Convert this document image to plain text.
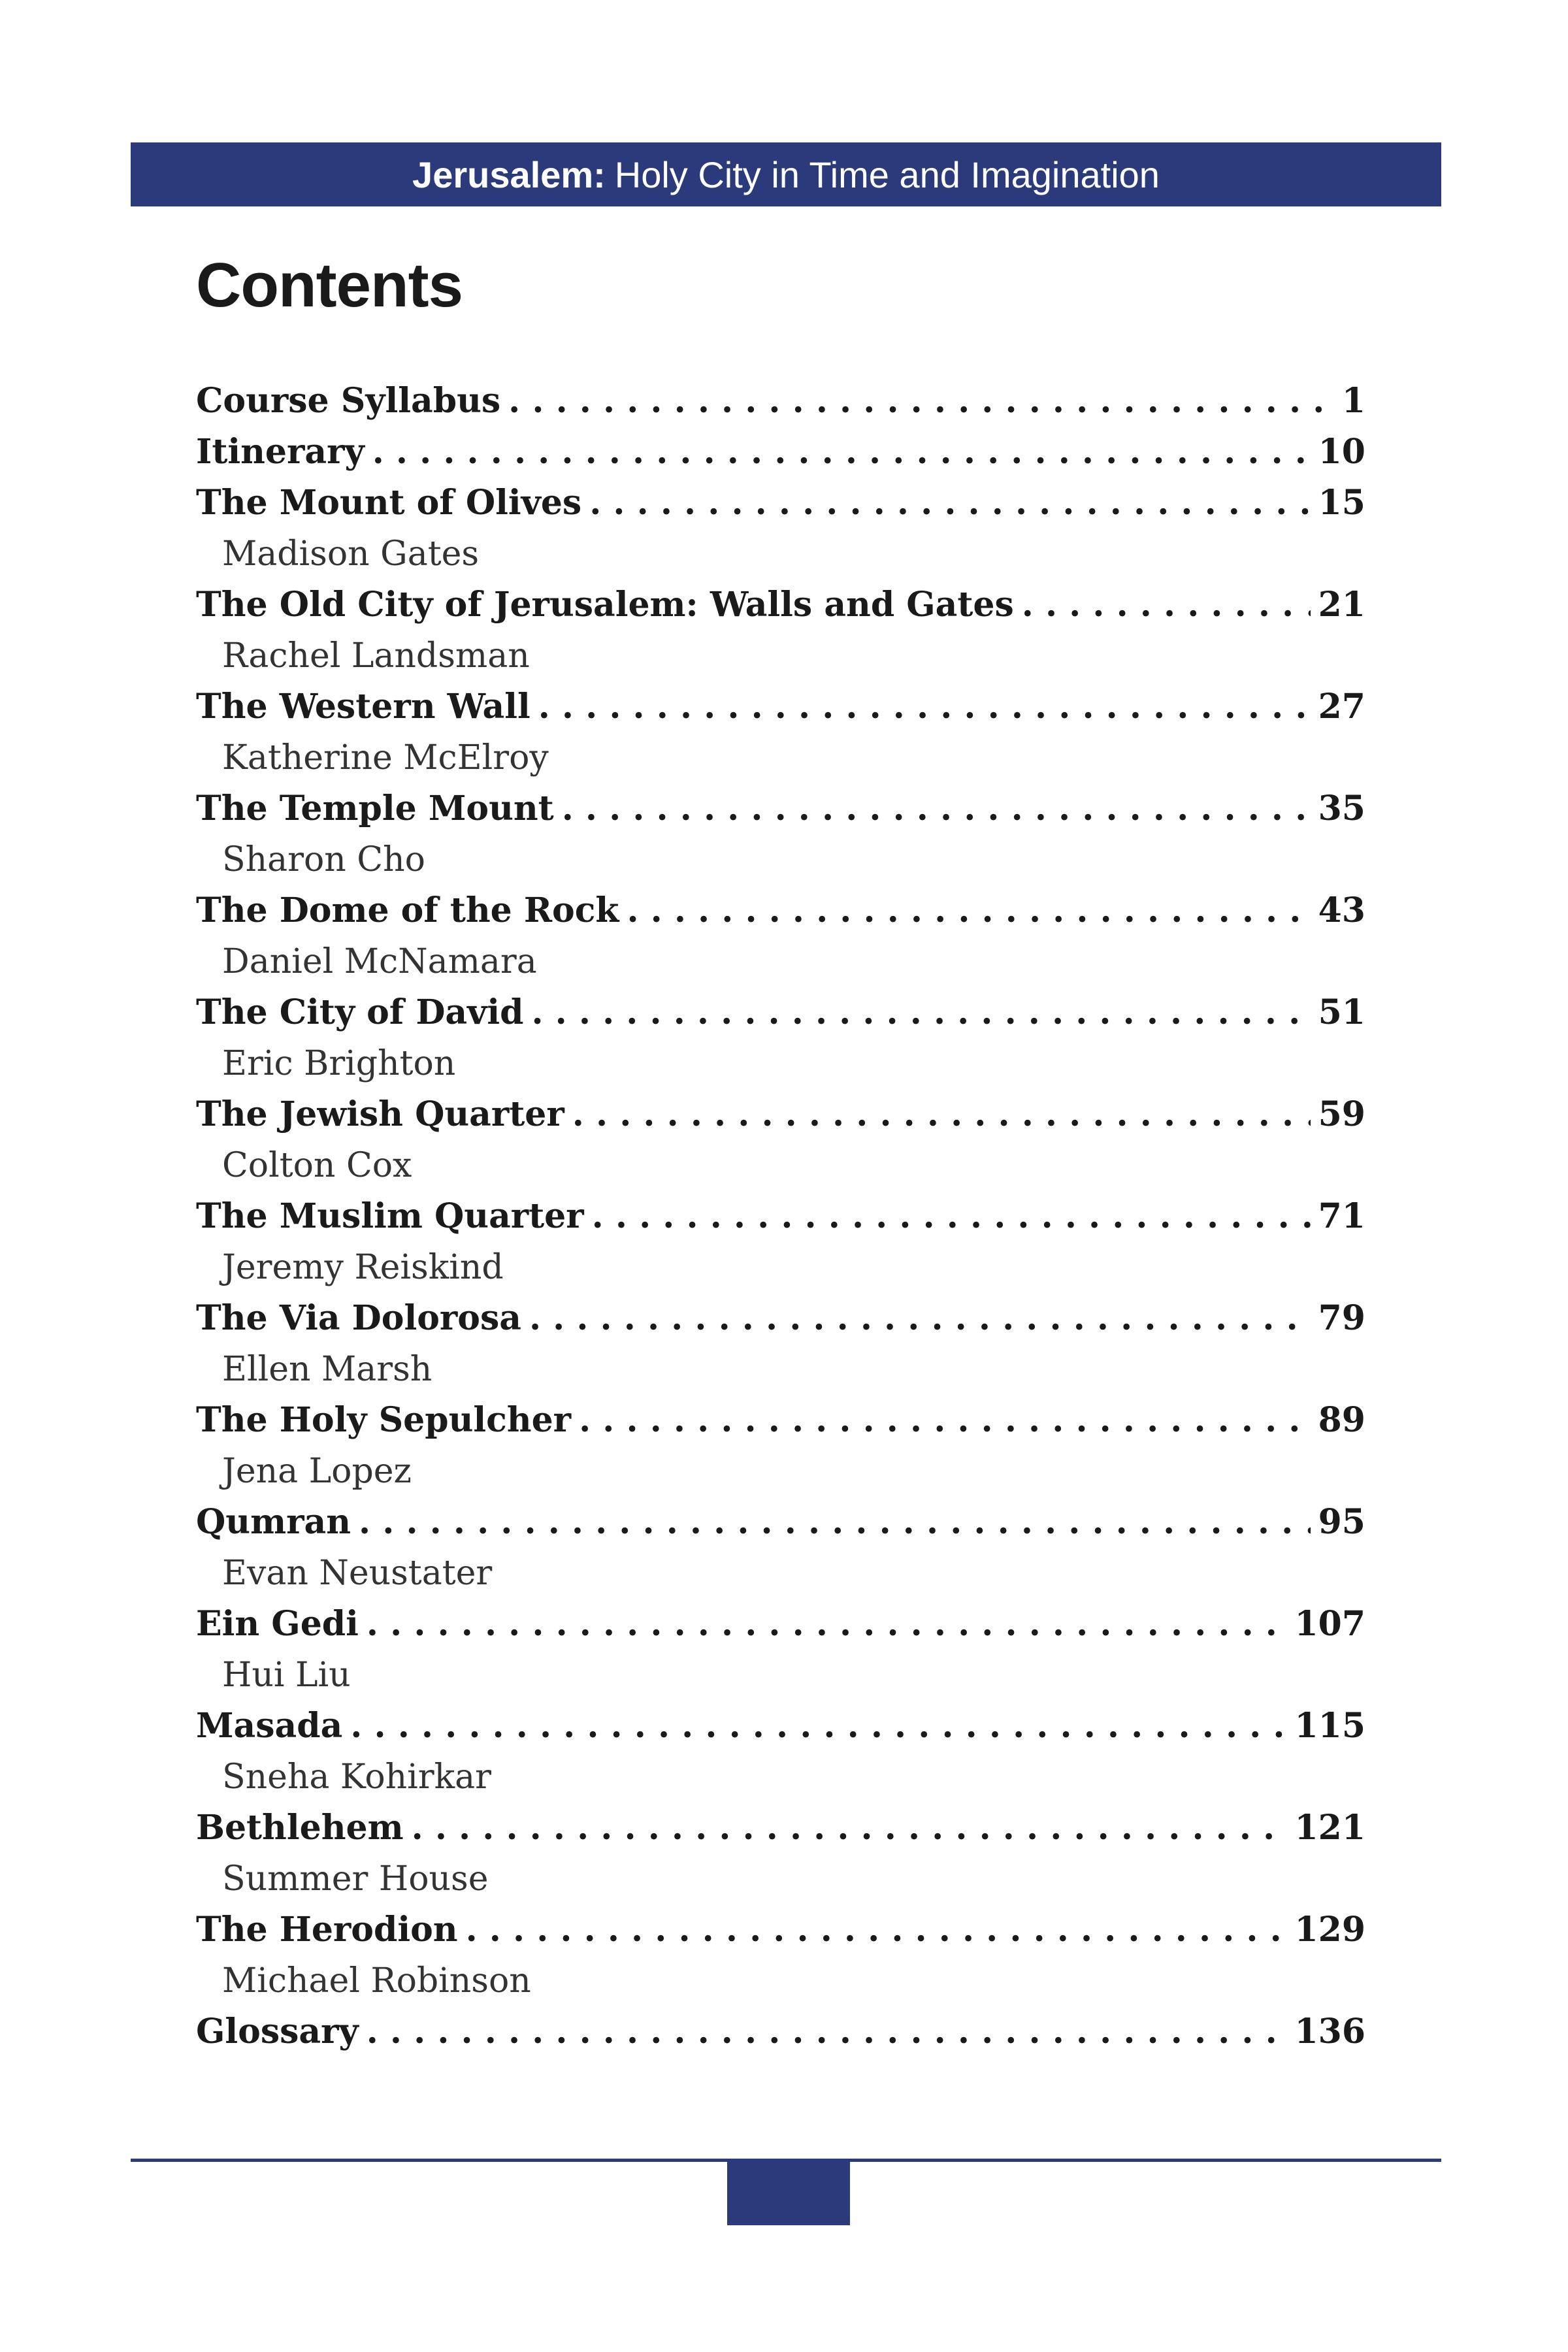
Jerusalem: Holy City in Time and Imagination
Contents
Course Syllabus . . .	1
Itinerary . . .	10
The Mount of Olives . . .	15
Madison Gates
The Old City of Jerusalem: Walls and Gates . . .	21
Rachel Landsman
The Western Wall . . .	27
Katherine McElroy
The Temple Mount . . .	35
Sharon Cho
The Dome of the Rock . . .	43
Daniel McNamara
The City of David . . .	51
Eric Brighton
The Jewish Quarter . . .	59
Colton Cox
The Muslim Quarter . . .	71
Jeremy Reiskind
The Via Dolorosa . . .	79
Ellen Marsh
The Holy Sepulcher . . .	89
Jena Lopez
Qumran . . .	95
Evan Neustater
Ein Gedi . . .	107
Hui Liu
Masada . . .	115
Sneha Kohirkar
Bethlehem . . .	121
Summer House
The Herodion . . .	129
Michael Robinson
Glossary . . .	136
